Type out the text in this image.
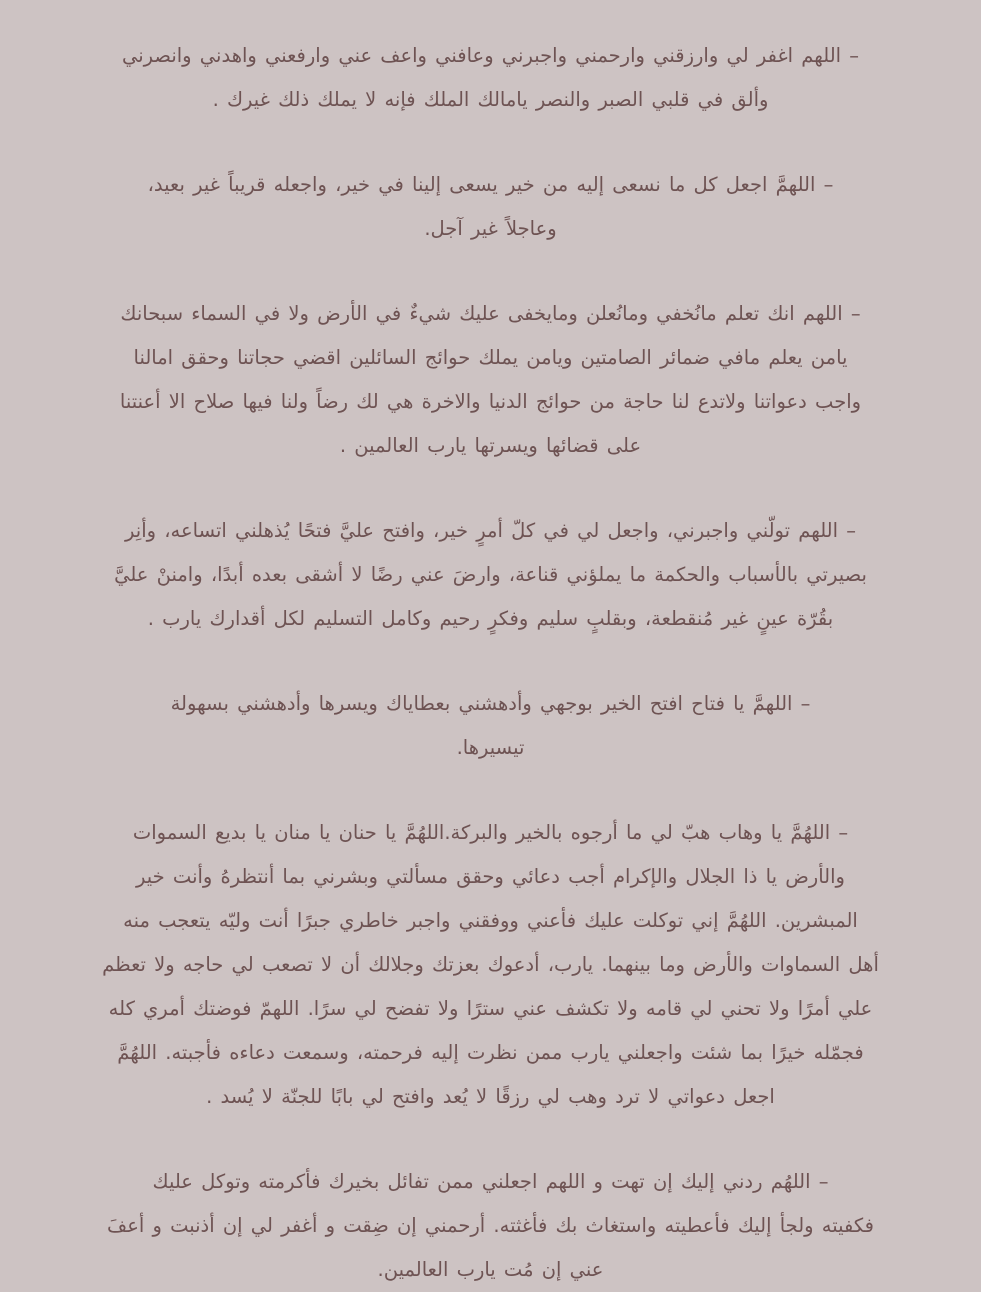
– اللهم اغفر لي وارزقني وارحمني واجبرني وعافني واعف عني وارفعني واهدني وانصرني
وألق في قلبي الصبر والنصر يامالك الملك فإنه لا يملك ذلك غيرك .

– اللهمَّ اجعل كل ما نسعى إليه من خير يسعى إلينا في خير، واجعله قريباً غير بعيد،
وعاجلاً غير آجل.

– اللهم انك تعلم مانُخفي ومانُعلن ومايخفى عليك شيءٌ في الأرض ولا في السماء سبحانك
يامن يعلم مافي ضمائر الصامتين ويامن يملك حوائج السائلين اقضي حجاتنا وحقق امالنا
واجب دعواتنا ولاتدع لنا حاجة من حوائج الدنيا والاخرة هي لك رضاً ولنا فيها صلاح الا أعنتنا
على قضائها ويسرتها يارب العالمين .

– اللهم تولّني واجبرني، واجعل لي في كلّ أمرٍ خير، وافتح عليَّ فتحًا يُذهلني اتساعه، وأنِر
بصيرتي بالأسباب والحكمة ما يملؤني قناعة، وارضَ عني رضًا لا أشقى بعده أبدًا، وامننْ عليَّ
بقُرّة عينٍ غير مُنقطعة، وبقلبٍ سليم وفكرٍ رحيم وكامل التسليم لكل أقدارك يارب .

– اللهمَّ يا فتاح افتح الخير بوجهي وأدهشني بعطاياك ويسرها وأدهشني بسهولة
تيسيرها.

– اللهُمَّ يا وهاب هبّ لي ما أرجوه بالخير والبركة.اللهُمَّ يا حنان يا منان يا بديع السموات
والأرض يا ذا الجلال والإكرام أجب دعائي وحقق مسألتي وبشرني بما أنتظرهُ وأنت خير
المبشرين. اللهُمَّ إني توكلت عليك فأعني ووفقني واجبر خاطري جبرًا أنت وليّه يتعجب منه
أهل السماوات والأرض وما بينهما. يارب، أدعوك بعزتك وجلالك أن لا تصعب لي حاجه ولا تعظم
علي أمرًا ولا تحني لي قامه ولا تكشف عني سترًا ولا تفضح لي سرًا. اللهمّ فوضتك أمري كله
فجمّله خيرًا بما شئت واجعلني يارب ممن نظرت إليه فرحمته، وسمعت دعاءه فأجبته. اللهُمَّ
اجعل دعواتي لا ترد وهب لي رزقًا لا يُعد وافتح لي بابًا للجنّة لا يُسد .

– اللهُم ردني إليك إن تهت و اللهم اجعلني ممن تفائل بخيرك فأكرمته وتوكل عليك
فكفيته ولجأ إليك فأعطيته واستغاث بك فأغثته. أرحمني إن ضِقت و أغفر لي إن أذنبت و أعفَ
عني إن مُت يارب العالمين.
